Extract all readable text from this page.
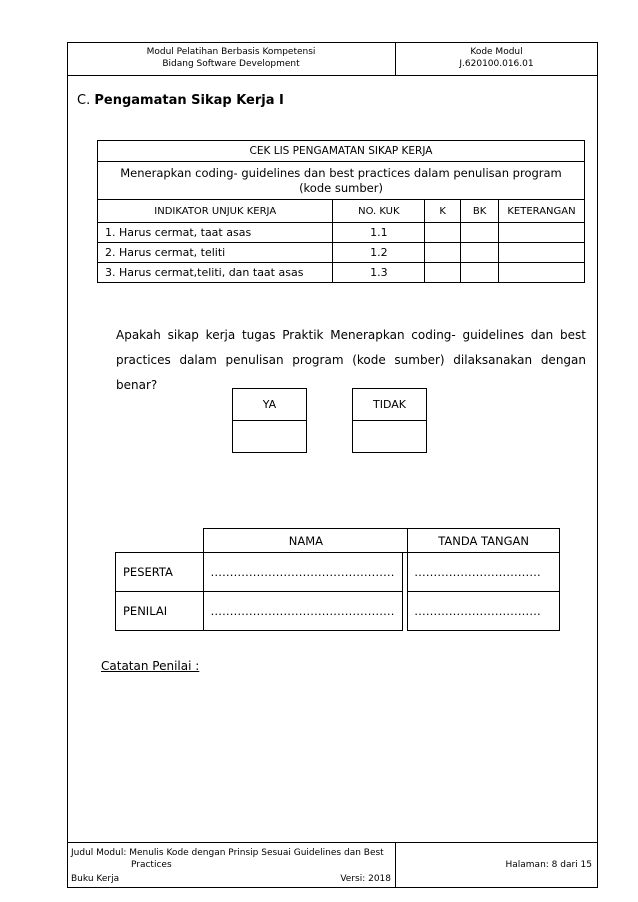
Modul Pelatihan Berbasis Kompetensi
Bidang Software Development
Kode Modul
J.620100.016.01
C. Pengamatan Sikap Kerja I
CEK LIS PENGAMATAN SIKAP KERJA				
Menerapkan coding- guidelines dan best practices dalam penulisan program (kode sumber)				
INDIKATOR UNJUK KERJA	NO. KUK	K	BK	KETERANGAN
1. Harus cermat, taat asas	1.1			
2. Harus cermat, teliti	1.2			
3. Harus cermat,teliti, dan taat asas	1.3			
Apakah sikap kerja tugas Praktik Menerapkan coding- guidelines dan best practices dalam penulisan program (kode sumber) dilaksanakan dengan benar?
YA	TIDAK
	NAMA		TANDA TANGAN
PESERTA	…………………………………………		……………………………
PENILAI	…………………………………………		……………………………
Catatan Penilai :
Judul Modul: Menulis Kode dengan Prinsip Sesuai Guidelines dan Best
Practices
Buku Kerja	Versi: 2018
Halaman: 8 dari 15
